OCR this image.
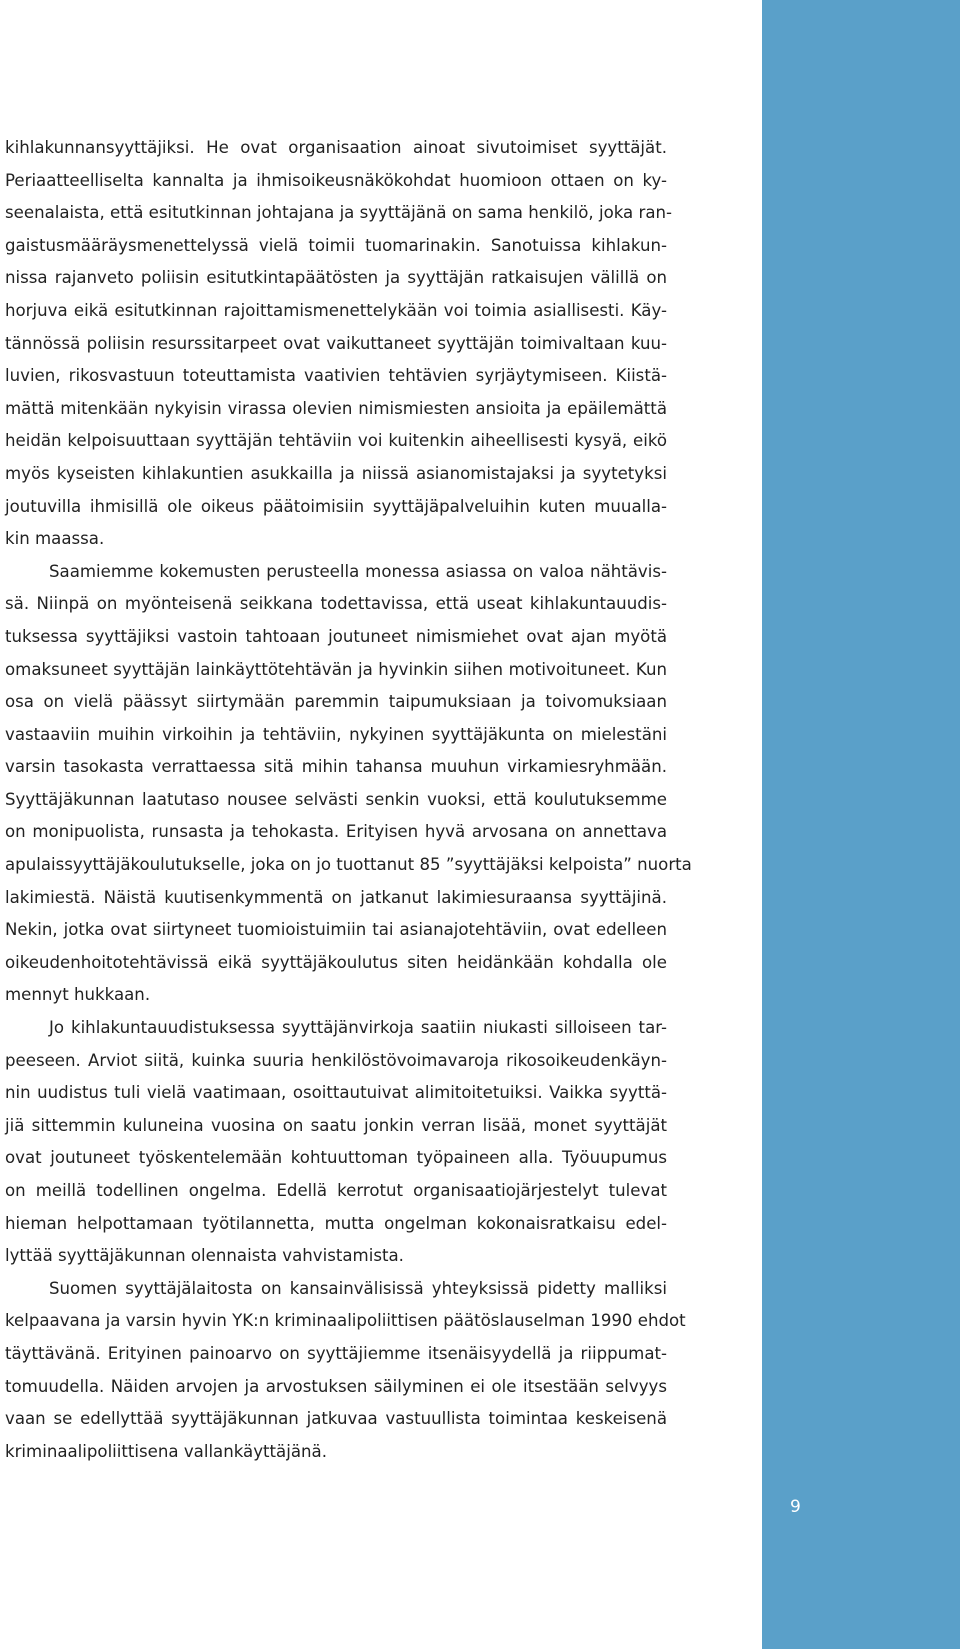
kihlakunnansyyttäjiksi. He ovat organisaation ainoat sivutoimiset syyttäjät.
Periaatteelliselta kannalta ja ihmisoikeusnäkökohdat huomioon ottaen on ky-
seenalaista, että esitutkinnan johtajana ja syyttäjänä on sama henkilö, joka ran-
gaistusmääräysmenettelyssä vielä toimii tuomarinakin. Sanotuissa kihlakun-
nissa rajanveto poliisin esitutkintapäätösten ja syyttäjän ratkaisujen välillä on
horjuva eikä esitutkinnan rajoittamismenettelykään voi toimia asiallisesti. Käy-
tännössä poliisin resurssitarpeet ovat vaikuttaneet syyttäjän toimivaltaan kuu-
luvien, rikosvastuun toteuttamista vaativien tehtävien syrjäytymiseen. Kiistä-
mättä mitenkään nykyisin virassa olevien nimismiesten ansioita ja epäilemättä
heidän kelpoisuuttaan syyttäjän tehtäviin voi kuitenkin aiheellisesti kysyä, eikö
myös kyseisten kihlakuntien asukkailla ja niissä asianomistajaksi ja syytetyksi
joutuvilla ihmisillä ole oikeus päätoimisiin syyttäjäpalveluihin kuten muualla-
kin maassa.
Saamiemme kokemusten perusteella monessa asiassa on valoa nähtävis-
sä. Niinpä on myönteisenä seikkana todettavissa, että useat kihlakuntauudis-
tuksessa syyttäjiksi vastoin tahtoaan joutuneet nimismiehet ovat ajan myötä
omaksuneet syyttäjän lainkäyttötehtävän ja hyvinkin siihen motivoituneet. Kun
osa on vielä päässyt siirtymään paremmin taipumuksiaan ja toivomuksiaan
vastaaviin muihin virkoihin ja tehtäviin, nykyinen syyttäjäkunta on mielestäni
varsin tasokasta verrattaessa sitä mihin tahansa muuhun virkamiesryhmään.
Syyttäjäkunnan laatutaso nousee selvästi senkin vuoksi, että koulutuksemme
on monipuolista, runsasta ja tehokasta. Erityisen hyvä arvosana on annettava
apulaissyyttäjäkoulutukselle, joka on jo tuottanut 85 ”syyttäjäksi kelpoista” nuorta
lakimiestä. Näistä kuutisenkymmentä on jatkanut lakimiesuraansa syyttäjinä.
Nekin, jotka ovat siirtyneet tuomioistuimiin tai asianajotehtäviin, ovat edelleen
oikeudenhoitotehtävissä eikä syyttäjäkoulutus siten heidänkään kohdalla ole
mennyt hukkaan.
Jo kihlakuntauudistuksessa syyttäjänvirkoja saatiin niukasti silloiseen tar-
peeseen. Arviot siitä, kuinka suuria henkilöstövoimavaroja rikosoikeudenkäyn-
nin uudistus tuli vielä vaatimaan, osoittautuivat alimitoitetuiksi. Vaikka syyttä-
jiä sittemmin kuluneina vuosina on saatu jonkin verran lisää, monet syyttäjät
ovat joutuneet työskentelemään kohtuuttoman työpaineen alla. Työuupumus
on meillä todellinen ongelma. Edellä kerrotut organisaatiojärjestelyt tulevat
hieman helpottamaan työtilannetta, mutta ongelman kokonaisratkaisu edel-
lyttää syyttäjäkunnan olennaista vahvistamista.
Suomen syyttäjälaitosta on kansainvälisissä yhteyksissä pidetty malliksi
kelpaavana ja varsin hyvin YK:n kriminaalipoliittisen päätöslauselman 1990 ehdot
täyttävänä. Erityinen painoarvo on syyttäjiemme itsenäisyydellä ja riippumat-
tomuudella. Näiden arvojen ja arvostuksen säilyminen ei ole itsestään selvyys
vaan se edellyttää syyttäjäkunnan jatkuvaa vastuullista toimintaa keskeisenä
kriminaalipoliittisena vallankäyttäjänä.
9
